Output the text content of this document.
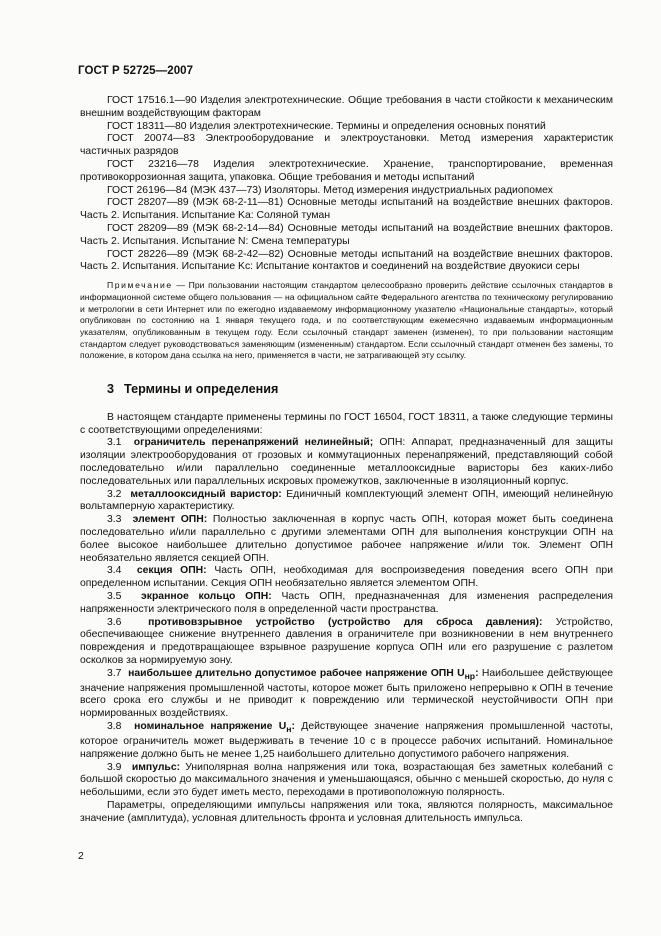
ГОСТ Р 52725—2007

ГОСТ 17516.1—90 Изделия электротехнические. Общие требования в части стойкости к механическим внешним воздействующим факторам

ГОСТ 18311—80 Изделия электротехнические. Термины и определения основных понятий

ГОСТ 20074—83 Электрооборудование и электроустановки. Метод измерения характеристик частичных разрядов

ГОСТ 23216—78 Изделия электротехнические. Хранение, транспортирование, временная противокоррозионная защита, упаковка. Общие требования и методы испытаний

ГОСТ 26196—84 (МЭК 437—73) Изоляторы. Метод измерения индустриальных радиопомех

ГОСТ 28207—89 (МЭК 68-2-11—81) Основные методы испытаний на воздействие внешних факторов. Часть 2. Испытания. Испытание Ka: Соляной туман

ГОСТ 28209—89 (МЭК 68-2-14—84) Основные методы испытаний на воздействие внешних факторов. Часть 2. Испытания. Испытание N: Смена температуры

ГОСТ 28226—89 (МЭК 68-2-42—82) Основные методы испытаний на воздействие внешних факторов. Часть 2. Испытания. Испытание Kc: Испытание контактов и соединений на воздействие двуокиси серы

Примечание — При пользовании настоящим стандартом целесообразно проверить действие ссылочных стандартов в информационной системе общего пользования — на официальном сайте Федерального агентства по техническому регулированию и метрологии в сети Интернет или по ежегодно издаваемому информационному указателю «Национальные стандарты», который опубликован по состоянию на 1 января текущего года, и по соответствующим ежемесячно издаваемым информационным указателям, опубликованным в текущем году. Если ссылочный стандарт заменен (изменен), то при пользовании настоящим стандартом следует руководствоваться заменяющим (измененным) стандартом. Если ссылочный стандарт отменен без замены, то положение, в котором дана ссылка на него, применяется в части, не затрагивающей эту ссылку.

3 Термины и определения

В настоящем стандарте применены термины по ГОСТ 16504, ГОСТ 18311, а также следующие термины с соответствующими определениями:

3.1 ограничитель перенапряжений нелинейный; ОПН: Аппарат, предназначенный для защиты изоляции электрооборудования от грозовых и коммутационных перенапряжений, представляющий собой последовательно и/или параллельно соединенные металлооксидные варисторы без каких-либо последовательных или параллельных искровых промежутков, заключенные в изоляционный корпус.

3.2 металлооксидный варистор: Единичный комплектующий элемент ОПН, имеющий нелинейную вольтамперную характеристику.

3.3 элемент ОПН: Полностью заключенная в корпус часть ОПН, которая может быть соединена последовательно и/или параллельно с другими элементами ОПН для выполнения конструкции ОПН на более высокое наибольшее длительно допустимое рабочее напряжение и/или ток. Элемент ОПН необязательно является секцией ОПН.

3.4 секция ОПН: Часть ОПН, необходимая для воспроизведения поведения всего ОПН при определенном испытании. Секция ОПН необязательно является элементом ОПН.

3.5 экранное кольцо ОПН: Часть ОПН, предназначенная для изменения распределения напряженности электрического поля в определенной части пространства.

3.6	противовзрывное устройство (устройство для сброса давления): Устройство, обеспечивающее снижение внутреннего давления в ограничителе при возникновении в нем внутреннего повреждения и предотвращающее взрывное разрушение корпуса ОПН или его разрушение с разлетом осколков за нормируемую зону.

3.7 наибольшее длительно допустимое рабочее напряжение ОПН $U_{нр}$: Наибольшее действующее значение напряжения промышленной частоты, которое может быть приложено непрерывно к ОПН в течение всего срока его службы и не приводит к повреждению или термической неустойчивости ОПН при нормированных воздействиях.

3.8 номинальное напряжение $U_н$: Действующее значение напряжения промышленной частоты, которое ограничитель может выдерживать в течение 10 с в процессе рабочих испытаний. Номинальное напряжение должно быть не менее 1,25 наибольшего длительно допустимого рабочего напряжения.

3.9 импульс: Униполярная волна напряжения или тока, возрастающая без заметных колебаний с большой скоростью до максимального значения и уменьшающаяся, обычно с меньшей скоростью, до нуля с небольшими, если это будет иметь место, переходами в противоположную полярность.

Параметры, определяющими импульсы напряжения или тока, являются полярность, максимальное значение (амплитуда), условная длительность фронта и условная длительность импульса.

2
